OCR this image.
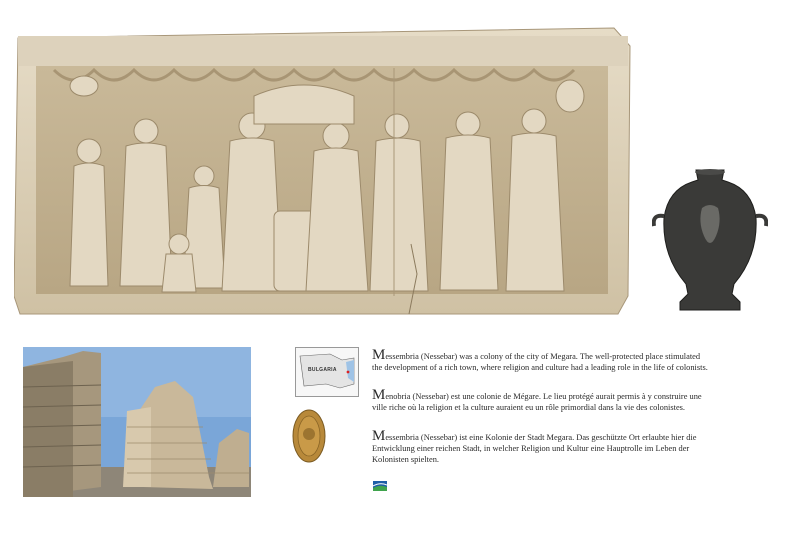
BULGARIA
Messembria (Nessebar) was a colony of the city of Megara. The well-protected place stimulated the development of a rich town, where religion and culture had a leading role in the life of colonists.
Menobria (Nessebar) est une colonie de Mégare. Le lieu protégé aurait permis à y construire une ville riche où la religion et la culture auraient eu un rôle primordial dans la vie des colonistes.
Messembria (Nessebar) ist eine Kolonie der Stadt Megara. Das geschützte Ort erlaubte hier die Entwicklung einer reichen Stadt, in welcher Religion und Kultur eine Hauptrolle im Leben der Kolonisten spielten.
